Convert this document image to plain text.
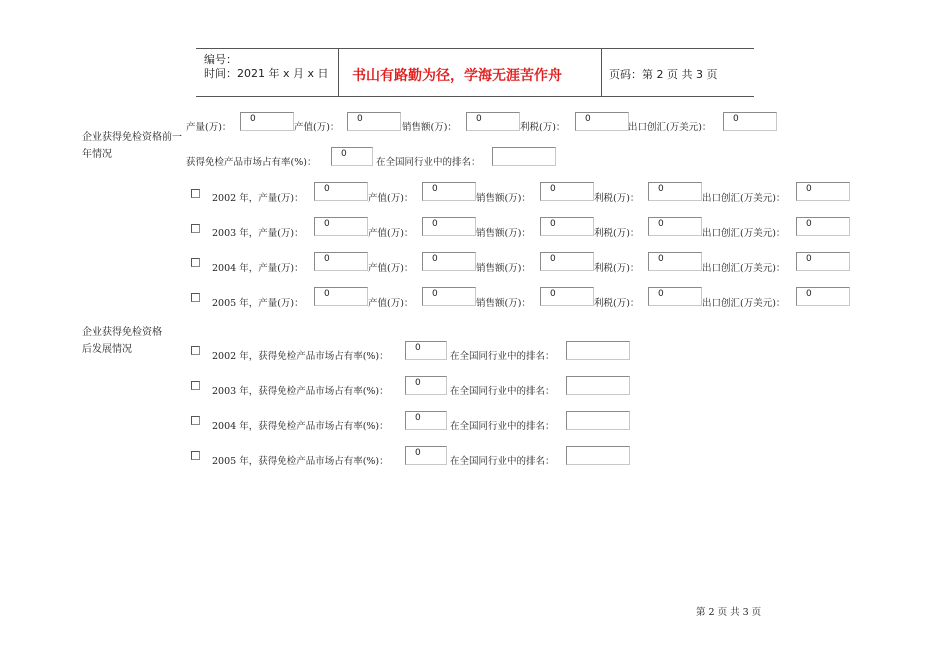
编号：
时间：2021 年 x 月 x 日 书山有路勤为径，学海无涯苦作舟	页码：第 2 页 共 3 页
企业获得免检资格前一年情况
产量(万)：
0
产值(万)：
0
销售额(万)：
0
利税(万)：
0
出口创汇(万美元)：
0
获得免检产品市场占有率(%)：
0
在全国同行业中的排名：
2002 年，产量(万)：
0
产值(万)：
0
销售额(万)：
0
利税(万)：
0
出口创汇(万美元)：
0
2003 年，产量(万)：
0
产值(万)：
0
销售额(万)：
0
利税(万)：
0
出口创汇(万美元)：
0
2004 年，产量(万)：
0
产值(万)：
0
销售额(万)：
0
利税(万)：
0
出口创汇(万美元)：
0
2005 年，产量(万)：
0
产值(万)：
0
销售额(万)：
0
利税(万)：
0
出口创汇(万美元)：
0
企业获得免检资格后发展情况
2002 年，获得免检产品市场占有率(%)：
0
在全国同行业中的排名：
2003 年，获得免检产品市场占有率(%)：
0
在全国同行业中的排名：
2004 年，获得免检产品市场占有率(%)：
0
在全国同行业中的排名：
2005 年，获得免检产品市场占有率(%)：
0
在全国同行业中的排名：
第 2 页 共 3 页
